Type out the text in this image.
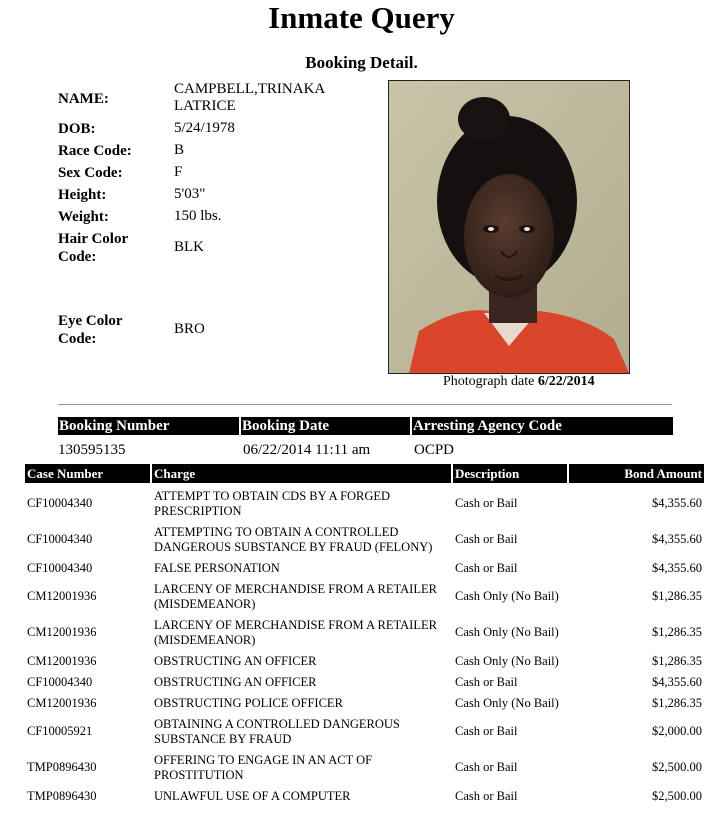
Inmate Query
Booking Detail.
NAME:
CAMPBELL,TRINAKA
LATRICE
DOB:	5/24/1978
Race Code:	B
Sex Code:	F
Height:	5'03"
Weight:	150 lbs.
Hair Color
Code:
BLK
Eye Color
Code:
BRO
Photograph date 6/22/2014
Booking Number	Booking Date	Arresting Agency Code
130595135	06/22/2014 11:11 am	OCPD
Case Number	Charge	Description	Bond Amount
CF10004340	ATTEMPT TO OBTAIN CDS BY A FORGED
PRESCRIPTION
Cash or Bail	$4,355.60
CF10004340	ATTEMPTING TO OBTAIN A CONTROLLED
DANGEROUS SUBSTANCE BY FRAUD (FELONY)
Cash or Bail	$4,355.60
CF10004340	FALSE PERSONATION	Cash or Bail	$4,355.60
CM12001936	LARCENY OF MERCHANDISE FROM A RETAILER
(MISDEMEANOR)
Cash Only (No Bail)	$1,286.35
CM12001936	LARCENY OF MERCHANDISE FROM A RETAILER
(MISDEMEANOR)
Cash Only (No Bail)	$1,286.35
CM12001936	OBSTRUCTING AN OFFICER	Cash Only (No Bail)	$1,286.35
CF10004340	OBSTRUCTING AN OFFICER	Cash or Bail	$4,355.60
CM12001936	OBSTRUCTING POLICE OFFICER	Cash Only (No Bail)	$1,286.35
CF10005921	OBTAINING A CONTROLLED DANGEROUS
SUBSTANCE BY FRAUD
Cash or Bail	$2,000.00
TMP0896430	OFFERING TO ENGAGE IN AN ACT OF
PROSTITUTION
Cash or Bail	$2,500.00
TMP0896430	UNLAWFUL USE OF A COMPUTER	Cash or Bail	$2,500.00
